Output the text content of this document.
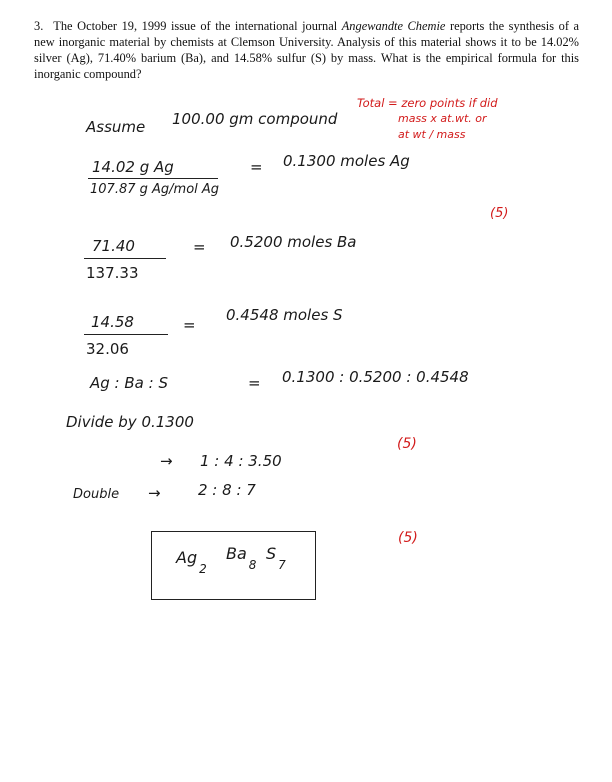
3. The October 19, 1999 issue of the international journal Angewandte Chemie reports the synthesis of a new inorganic material by chemists at Clemson University. Analysis of this material shows it to be 14.02% silver (Ag), 71.40% barium (Ba), and 14.58% sulfur (S) by mass. What is the empirical formula for this inorganic compound?
Total = zero points if did
mass x at.wt. or
at wt / mass
(5)
(5)
(5)
Assume 100.00 gm compound
14.02 g Ag
107.87 g Ag/mol Ag
= 0.1300 moles Ag
71.40
137.33
= 0.5200 moles Ba
14.58
32.06
=
0.4548 moles S
Ag : Ba : S	= 0.1300 : 0.5200 : 0.4548
Divide by 0.1300
→ 1 : 4 : 3.50
Double → 2 : 8 : 7
$Ag_2$
$Ba_8$
$S_7$
